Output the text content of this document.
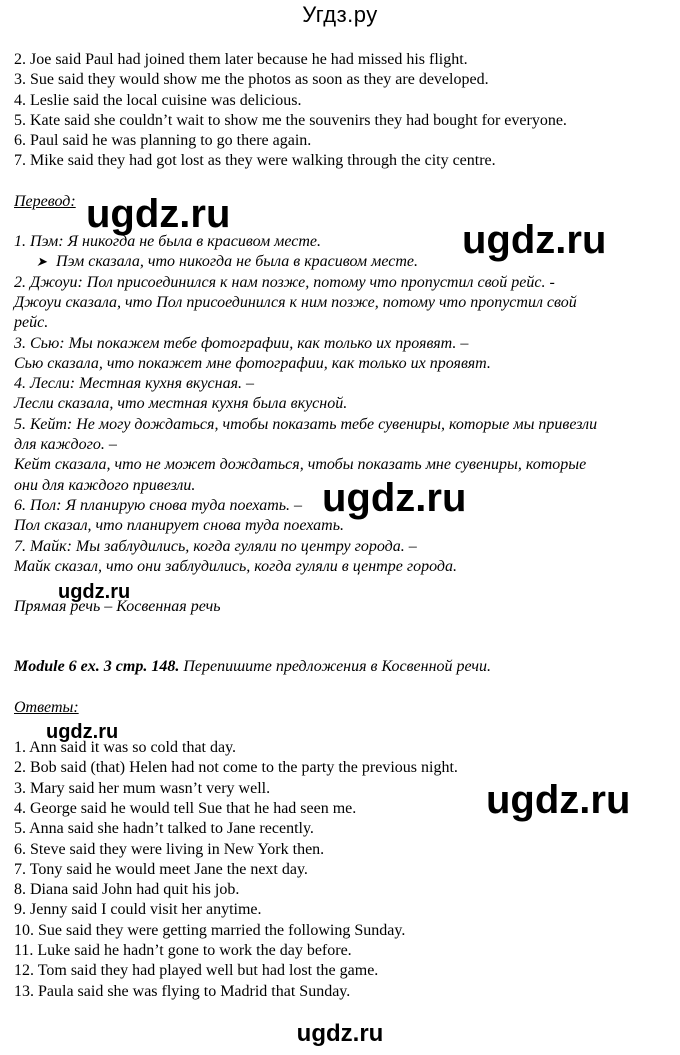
Угдз.ру
2. Joe said Paul had joined them later because he had missed his flight.
3. Sue said they would show me the photos as soon as they are developed.
4. Leslie said the local cuisine was delicious.
5. Kate said she couldn’t wait to show me the souvenirs they had bought for everyone.
6. Paul said he was planning to go there again.
7. Mike said they had got lost as they were walking through the city centre.
Перевод:
1. Пэм: Я никогда не была в красивом месте.
➤ Пэм сказала, что никогда не была в красивом месте.
2. Джоуи: Пол присоединился к нам позже, потому что пропустил свой рейс. -
Джоуи сказала, что Пол присоединился к ним позже, потому что пропустил свой
рейс.
3. Сью: Мы покажем тебе фотографии, как только их проявят. –
Сью сказала, что покажет мне фотографии, как только их проявят.
4. Лесли: Местная кухня вкусная. –
Лесли сказала, что местная кухня была вкусной.
5. Кейт: Не могу дождаться, чтобы показать тебе сувениры, которые мы привезли
для каждого. –
Кейт сказала, что не может дождаться, чтобы показать мне сувениры, которые
они для каждого привезли.
6. Пол: Я планирую снова туда поехать. –
Пол сказал, что планирует снова туда поехать.
7. Майк: Мы заблудились, когда гуляли по центру города. –
Майк сказал, что они заблудились, когда гуляли в центре города.
Прямая речь – Косвенная речь
Module 6 ex. 3 стр. 148. Перепишите предложения в Косвенной речи.
Ответы:
1. Ann said it was so cold that day.
2. Bob said (that) Helen had not come to the party the previous night.
3. Mary said her mum wasn’t very well.
4. George said he would tell Sue that he had seen me.
5. Anna said she hadn’t talked to Jane recently.
6. Steve said they were living in New York then.
7. Tony said he would meet Jane the next day.
8. Diana said John had quit his job.
9. Jenny said I could visit her anytime.
10. Sue said they were getting married the following Sunday.
11. Luke said he hadn’t gone to work the day before.
12. Tom said they had played well but had lost the game.
13. Paula said she was flying to Madrid that Sunday.
ugdz.ru
ugdz.ru
ugdz.ru
ugdz.ru
ugdz.ru
ugdz.ru
ugdz.ru
